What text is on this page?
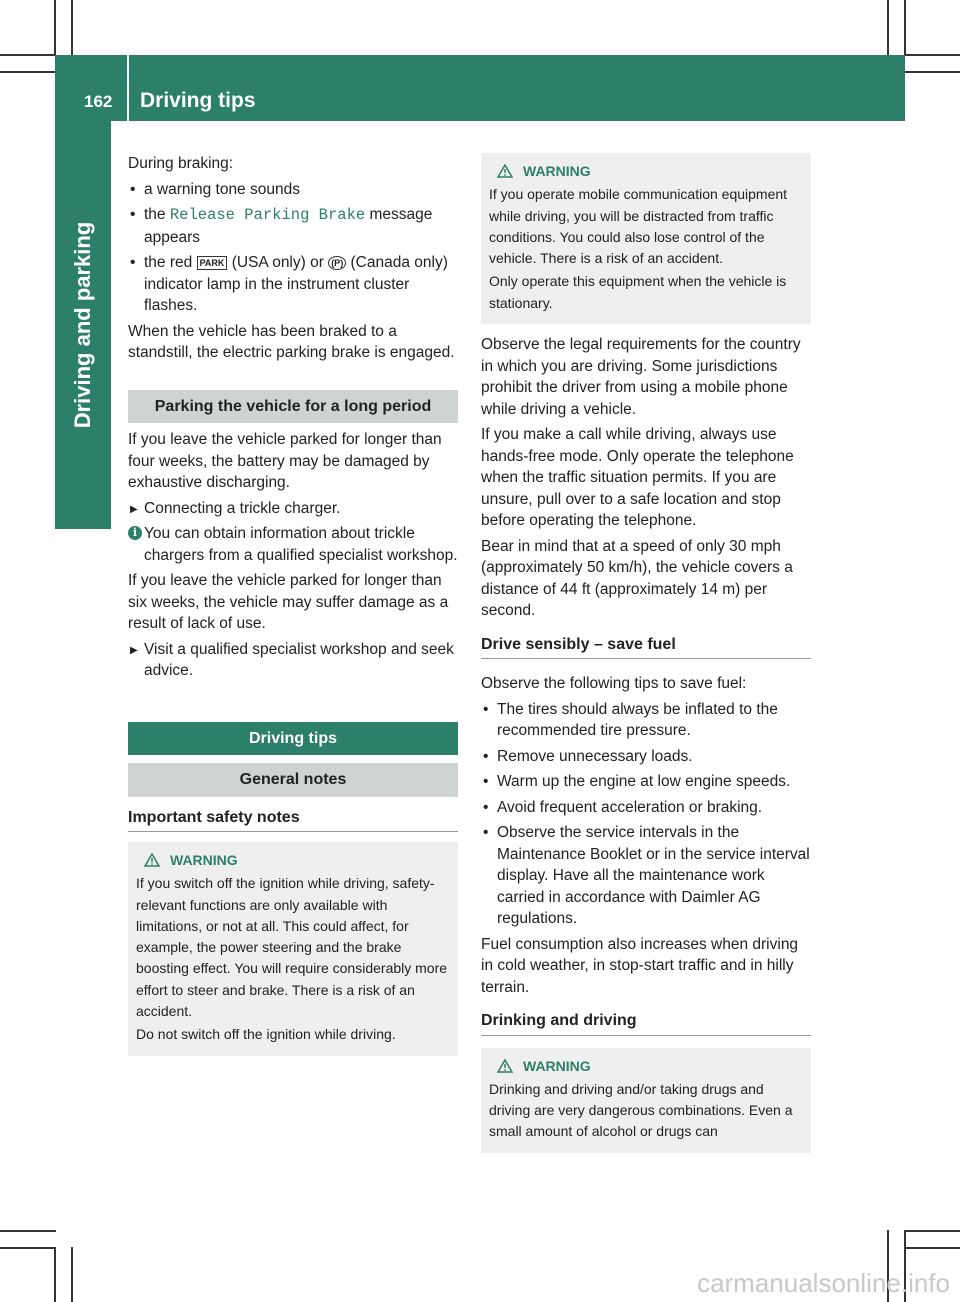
162 Driving tips
Driving and parking

During braking:

• a warning tone sounds
• the Release Parking Brake message appears
• the red PARK (USA only) or (P) (Canada only) indicator lamp in the instrument cluster flashes.

When the vehicle has been braked to a standstill, the electric parking brake is engaged.

Parking the vehicle for a long period

If you leave the vehicle parked for longer than four weeks, the battery may be damaged by exhaustive discharging.

▶ Connecting a trickle charger.
i You can obtain information about trickle chargers from a qualified specialist workshop.

If you leave the vehicle parked for longer than six weeks, the vehicle may suffer damage as a result of lack of use.

▶ Visit a qualified specialist workshop and seek advice.
Driving tips
General notes
Important safety notes
WARNING

If you switch off the ignition while driving, safety-relevant functions are only available with limitations, or not at all. This could affect, for example, the power steering and the brake boosting effect. You will require considerably more effort to steer and brake. There is a risk of an accident.

Do not switch off the ignition while driving.

WARNING

If you operate mobile communication equipment while driving, you will be distracted from traffic conditions. You could also lose control of the vehicle. There is a risk of an accident.

Only operate this equipment when the vehicle is stationary.

Observe the legal requirements for the country in which you are driving. Some jurisdictions prohibit the driver from using a mobile phone while driving a vehicle.

If you make a call while driving, always use hands-free mode. Only operate the telephone when the traffic situation permits. If you are unsure, pull over to a safe location and stop before operating the telephone.

Bear in mind that at a speed of only 30 mph (approximately 50 km/h), the vehicle covers a distance of 44 ft (approximately 14 m) per second.

Drive sensibly – save fuel

Observe the following tips to save fuel:

• The tires should always be inflated to the recommended tire pressure.
• Remove unnecessary loads.
• Warm up the engine at low engine speeds.
• Avoid frequent acceleration or braking.
• Observe the service intervals in the Maintenance Booklet or in the service interval display. Have all the maintenance work carried in accordance with Daimler AG regulations.

Fuel consumption also increases when driving in cold weather, in stop-start traffic and in hilly terrain.

Drinking and driving
WARNING

Drinking and driving and/or taking drugs and driving are very dangerous combinations. Even a small amount of alcohol or drugs can

carmanualsonline.info
